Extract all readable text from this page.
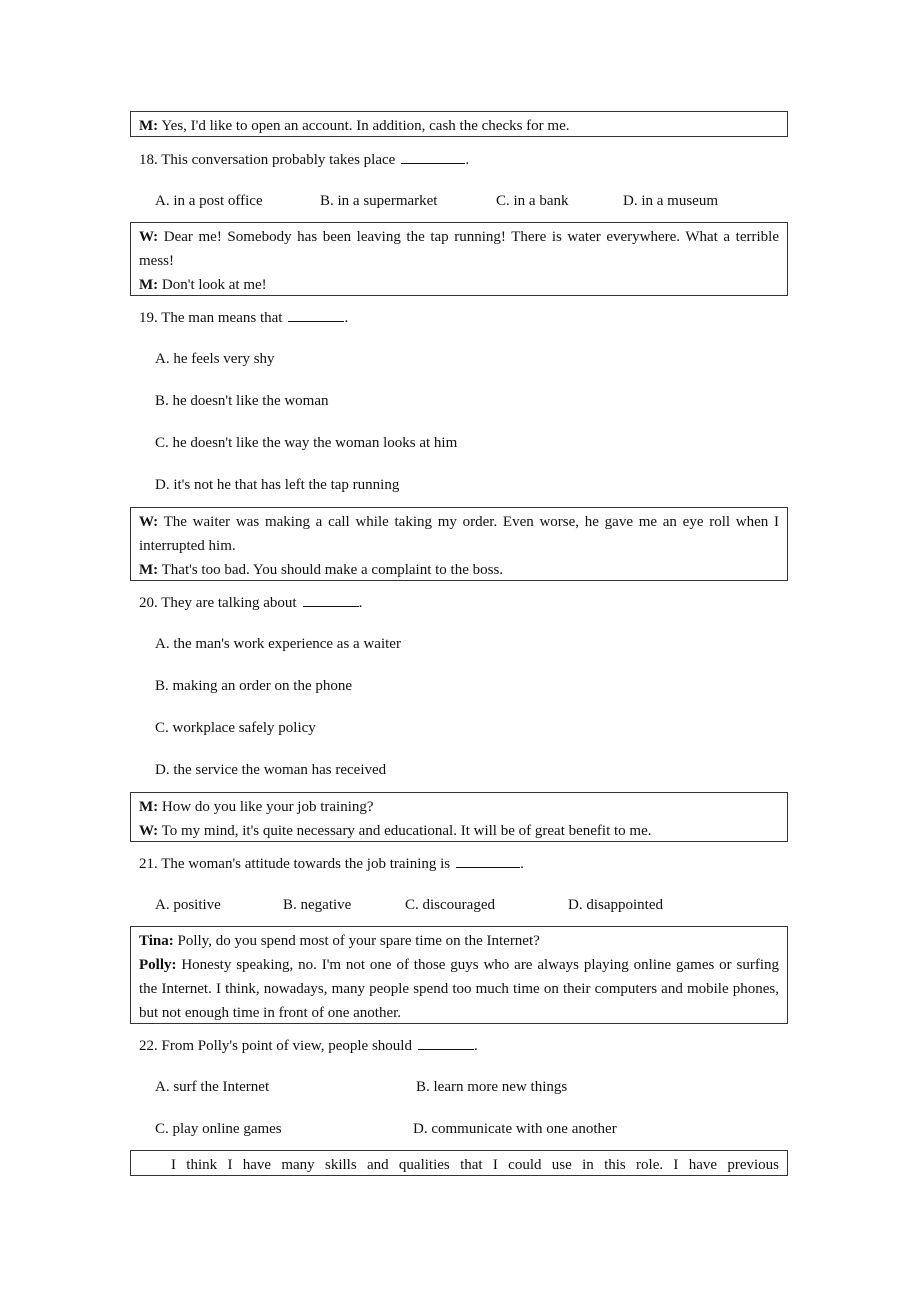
M: Yes, I'd like to open an account. In addition, cash the checks for me.

18. This conversation probably takes place	.
A. in a post office	B. in a supermarket	C. in a bank	D. in a museum

W: Dear me! Somebody has been leaving the tap running! There is water everywhere. What a terrible mess!

M: Don't look at me!

19. The man means that	.
A. he feels very shy
B. he doesn't like the woman
C. he doesn't like the way the woman looks at him
D. it's not he that has left the tap running

W: The waiter was making a call while taking my order. Even worse, he gave me an eye roll when I interrupted him.

M: That's too bad. You should make a complaint to the boss.

20. They are talking about	.
A. the man's work experience as a waiter
B. making an order on the phone
C. workplace safely policy
D. the service the woman has received

M: How do you like your job training?

W: To my mind, it's quite necessary and educational. It will be of great benefit to me.

21. The woman's attitude towards the job training is	.
A. positive	B. negative	C. discouraged	D. disappointed

Tina: Polly, do you spend most of your spare time on the Internet?

Polly: Honesty speaking, no. I'm not one of those guys who are always playing online games or surfing the Internet. I think, nowadays, many people spend too much time on their computers and mobile phones, but not enough time in front of one another.

22. From Polly's point of view, people should	.
A. surf the Internet	B. learn more new things
C. play online games	D. communicate with one another

I think I have many skills and qualities that I could use in this role. I have previous
